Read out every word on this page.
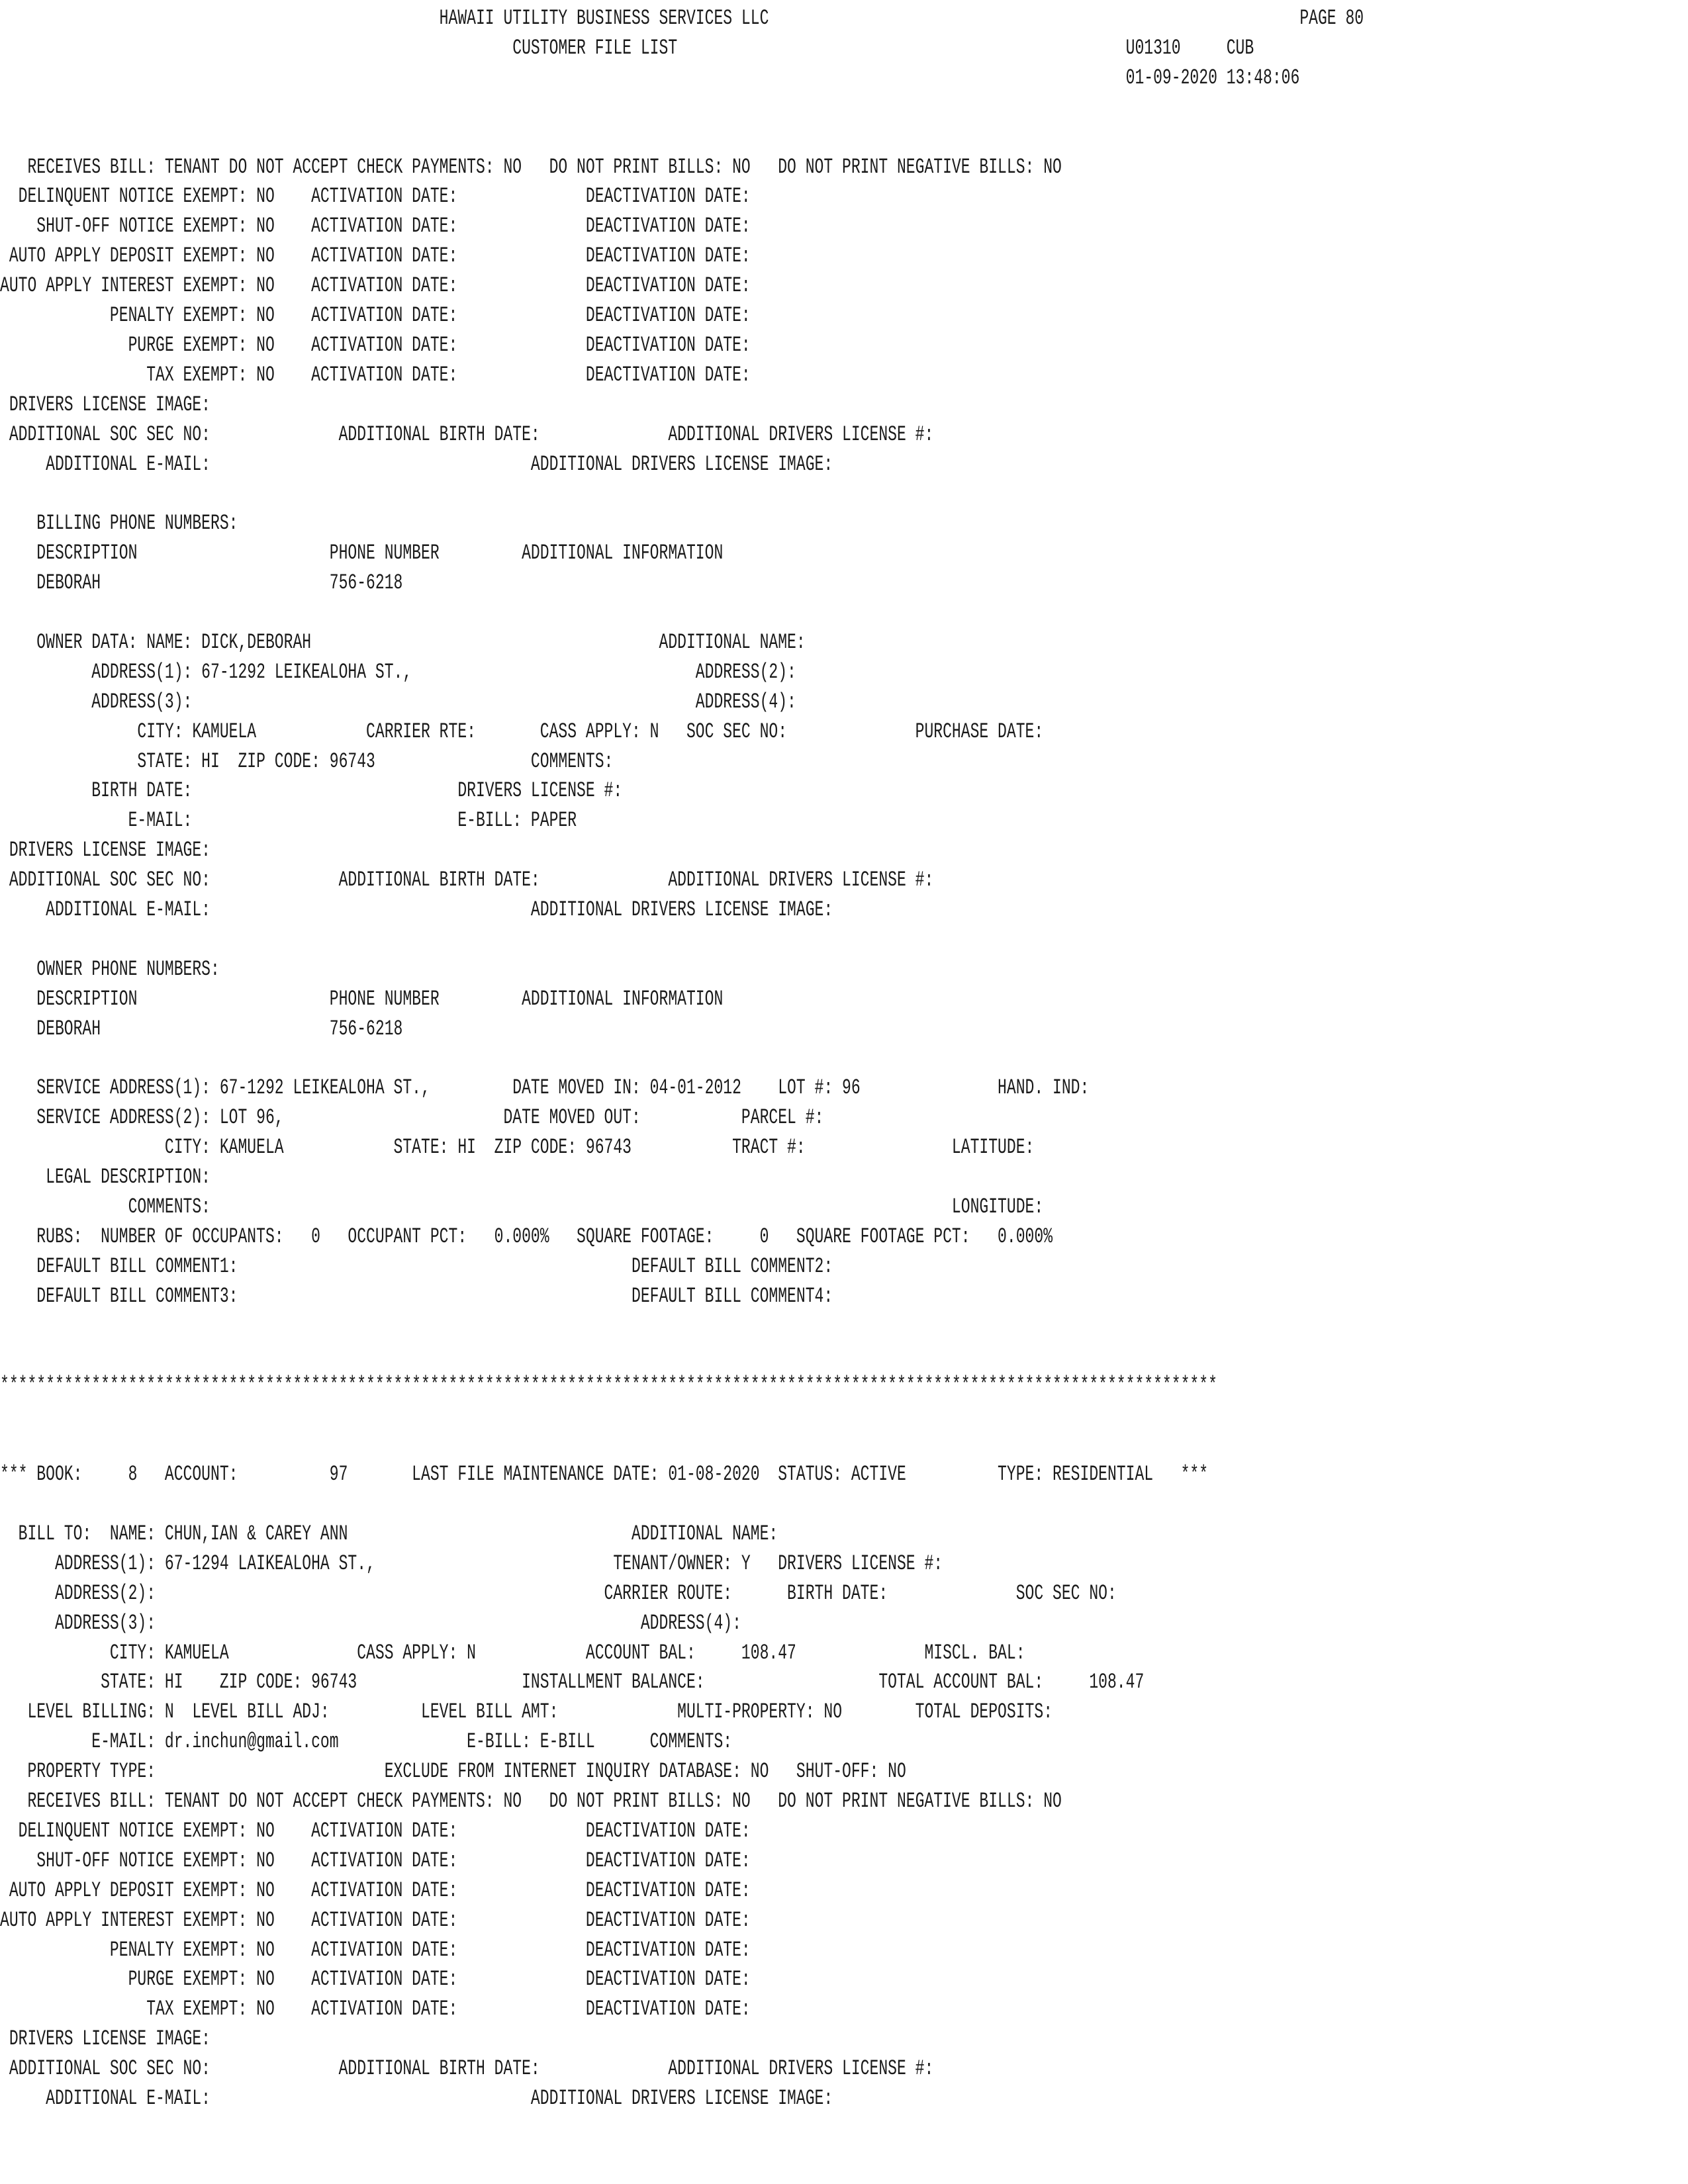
HAWAII UTILITY BUSINESS SERVICES LLC                                                          PAGE 80
CUSTOMER FILE LIST                                                 U01310     CUB
01-09-2020 13:48:06
RECEIVES BILL: TENANT DO NOT ACCEPT CHECK PAYMENTS: NO   DO NOT PRINT BILLS: NO   DO NOT PRINT NEGATIVE BILLS: NO
DELINQUENT NOTICE EXEMPT: NO    ACTIVATION DATE:              DEACTIVATION DATE:
SHUT-OFF NOTICE EXEMPT: NO    ACTIVATION DATE:              DEACTIVATION DATE:
AUTO APPLY DEPOSIT EXEMPT: NO    ACTIVATION DATE:              DEACTIVATION DATE:
AUTO APPLY INTEREST EXEMPT: NO    ACTIVATION DATE:              DEACTIVATION DATE:
PENALTY EXEMPT: NO    ACTIVATION DATE:              DEACTIVATION DATE:
PURGE EXEMPT: NO    ACTIVATION DATE:              DEACTIVATION DATE:
TAX EXEMPT: NO    ACTIVATION DATE:              DEACTIVATION DATE:
DRIVERS LICENSE IMAGE:
ADDITIONAL SOC SEC NO:              ADDITIONAL BIRTH DATE:              ADDITIONAL DRIVERS LICENSE #:
ADDITIONAL E-MAIL:                                   ADDITIONAL DRIVERS LICENSE IMAGE:
BILLING PHONE NUMBERS:
DESCRIPTION                     PHONE NUMBER         ADDITIONAL INFORMATION
DEBORAH                         756-6218
OWNER DATA: NAME: DICK,DEBORAH                                      ADDITIONAL NAME:
ADDRESS(1): 67-1292 LEIKEALOHA ST.,                               ADDRESS(2):
ADDRESS(3):                                                       ADDRESS(4):
CITY: KAMUELA            CARRIER RTE:       CASS APPLY: N   SOC SEC NO:              PURCHASE DATE:
STATE: HI  ZIP CODE: 96743                 COMMENTS:
BIRTH DATE:                             DRIVERS LICENSE #:
E-MAIL:                             E-BILL: PAPER
DRIVERS LICENSE IMAGE:
ADDITIONAL SOC SEC NO:              ADDITIONAL BIRTH DATE:              ADDITIONAL DRIVERS LICENSE #:
ADDITIONAL E-MAIL:                                   ADDITIONAL DRIVERS LICENSE IMAGE:
OWNER PHONE NUMBERS:
DESCRIPTION                     PHONE NUMBER         ADDITIONAL INFORMATION
DEBORAH                         756-6218
SERVICE ADDRESS(1): 67-1292 LEIKEALOHA ST.,         DATE MOVED IN: 04-01-2012    LOT #: 96               HAND. IND:
SERVICE ADDRESS(2): LOT 96,                        DATE MOVED OUT:           PARCEL #:
CITY: KAMUELA            STATE: HI  ZIP CODE: 96743           TRACT #:                LATITUDE:
LEGAL DESCRIPTION:
COMMENTS:                                                                                 LONGITUDE:
RUBS:  NUMBER OF OCCUPANTS:   0   OCCUPANT PCT:   0.000%   SQUARE FOOTAGE:     0   SQUARE FOOTAGE PCT:   0.000%
DEFAULT BILL COMMENT1:                                           DEFAULT BILL COMMENT2:
DEFAULT BILL COMMENT3:                                           DEFAULT BILL COMMENT4:
*************************************************************************************************************************************
*** BOOK:     8   ACCOUNT:          97       LAST FILE MAINTENANCE DATE: 01-08-2020  STATUS: ACTIVE          TYPE: RESIDENTIAL   ***
BILL TO:  NAME: CHUN,IAN & CAREY ANN                               ADDITIONAL NAME:
ADDRESS(1): 67-1294 LAIKEALOHA ST.,                          TENANT/OWNER: Y   DRIVERS LICENSE #:
ADDRESS(2):                                                 CARRIER ROUTE:      BIRTH DATE:              SOC SEC NO:
ADDRESS(3):                                                     ADDRESS(4):
CITY: KAMUELA              CASS APPLY: N            ACCOUNT BAL:     108.47              MISCL. BAL:
STATE: HI    ZIP CODE: 96743                  INSTALLMENT BALANCE:                   TOTAL ACCOUNT BAL:     108.47
LEVEL BILLING: N  LEVEL BILL ADJ:          LEVEL BILL AMT:             MULTI-PROPERTY: NO        TOTAL DEPOSITS:
E-MAIL: dr.inchun@gmail.com              E-BILL: E-BILL      COMMENTS:
PROPERTY TYPE:                         EXCLUDE FROM INTERNET INQUIRY DATABASE: NO   SHUT-OFF: NO
RECEIVES BILL: TENANT DO NOT ACCEPT CHECK PAYMENTS: NO   DO NOT PRINT BILLS: NO   DO NOT PRINT NEGATIVE BILLS: NO
DELINQUENT NOTICE EXEMPT: NO    ACTIVATION DATE:              DEACTIVATION DATE:
SHUT-OFF NOTICE EXEMPT: NO    ACTIVATION DATE:              DEACTIVATION DATE:
AUTO APPLY DEPOSIT EXEMPT: NO    ACTIVATION DATE:              DEACTIVATION DATE:
AUTO APPLY INTEREST EXEMPT: NO    ACTIVATION DATE:              DEACTIVATION DATE:
PENALTY EXEMPT: NO    ACTIVATION DATE:              DEACTIVATION DATE:
PURGE EXEMPT: NO    ACTIVATION DATE:              DEACTIVATION DATE:
TAX EXEMPT: NO    ACTIVATION DATE:              DEACTIVATION DATE:
DRIVERS LICENSE IMAGE:
ADDITIONAL SOC SEC NO:              ADDITIONAL BIRTH DATE:              ADDITIONAL DRIVERS LICENSE #:
ADDITIONAL E-MAIL:                                   ADDITIONAL DRIVERS LICENSE IMAGE:
